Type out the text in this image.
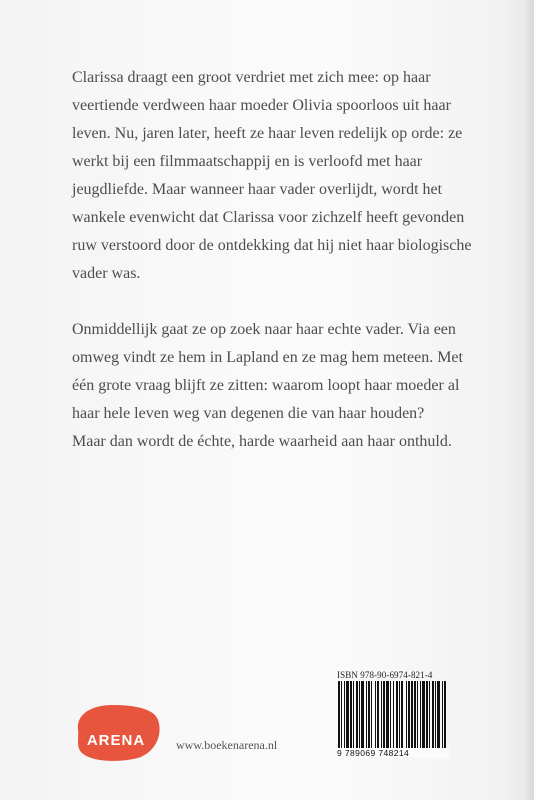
Clarissa draagt een groot verdriet met zich mee: op haar

veertiende verdween haar moeder Olivia spoorloos uit haar

leven. Nu, jaren later, heeft ze haar leven redelijk op orde: ze

werkt bij een filmmaatschappij en is verloofd met haar

jeugdliefde. Maar wanneer haar vader overlijdt, wordt het

wankele evenwicht dat Clarissa voor zichzelf heeft gevonden

ruw verstoord door de ontdekking dat hij niet haar biologische

vader was.

Onmiddellijk gaat ze op zoek naar haar echte vader. Via een

omweg vindt ze hem in Lapland en ze mag hem meteen. Met

één grote vraag blijft ze zitten: waarom loopt haar moeder al

haar hele leven weg van degenen die van haar houden?

Maar dan wordt de échte, harde waarheid aan haar onthuld.

ISBN 978-90-6974-821-4
9 789069 748214
ARENA	www.boekenarena.nl
